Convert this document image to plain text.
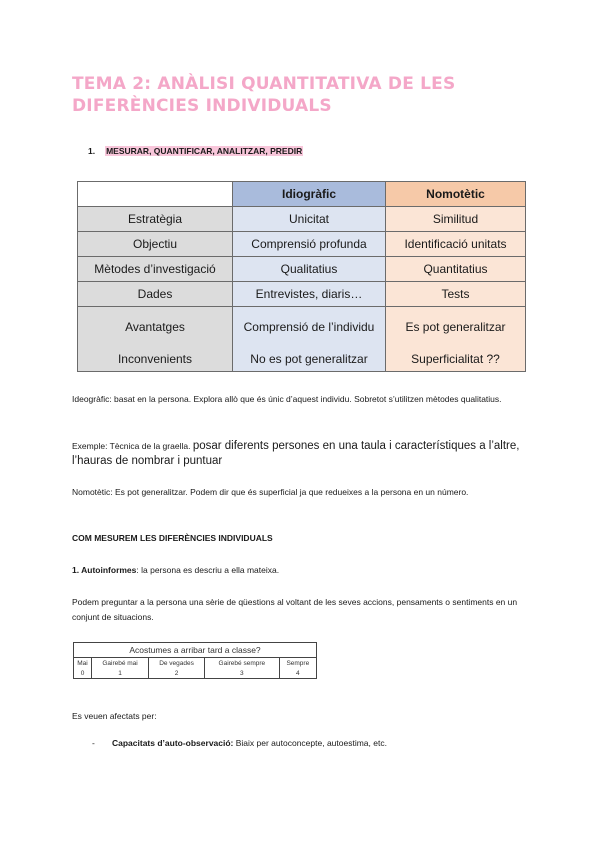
TEMA 2: ANÀLISI QUANTITATIVA DE LES DIFERÈNCIES INDIVIDUALS
1. MESURAR, QUANTIFICAR, ANALITZAR, PREDIR
	Idiogràfic	Nomotètic
Estratègia	Unicitat	Similitud
Objectiu	Comprensió profunda	Identificació unitats
Mètodes d’investigació	Qualitatius	Quantitatius
Dades	Entrevistes, diaris…	Tests
Avantatges	Comprensió de l’individu	Es pot generalitzar
Inconvenients	No es pot generalitzar	Superficialitat ??
Ideogràfic: basat en la persona. Explora allò que és únic d’aquest individu. Sobretot s’utilitzen mètodes qualitatius.
Exemple: Tècnica de la graella. posar diferents persones en una taula i característiques a l’altre, l’hauras de nombrar i puntuar
Nomotètic: Es pot generalitzar. Podem dir que és superficial ja que redueixes a la persona en un número.
COM MESUREM LES DIFERÈNCIES INDIVIDUALS
1. Autoinformes: la persona es descriu a ella mateixa.
Podem preguntar a la persona una sèrie de qüestions al voltant de les seves accions, pensaments o sentiments en un conjunt de situacions.
Acostumes a arribar tard a classe?				
Mai	Gairebé mai	De vegades	Gairebé sempre	Sempre
0	1	2	3	4
Es veuen afectats per:
- Capacitats d’auto-observació: Biaix per autoconcepte, autoestima, etc.
